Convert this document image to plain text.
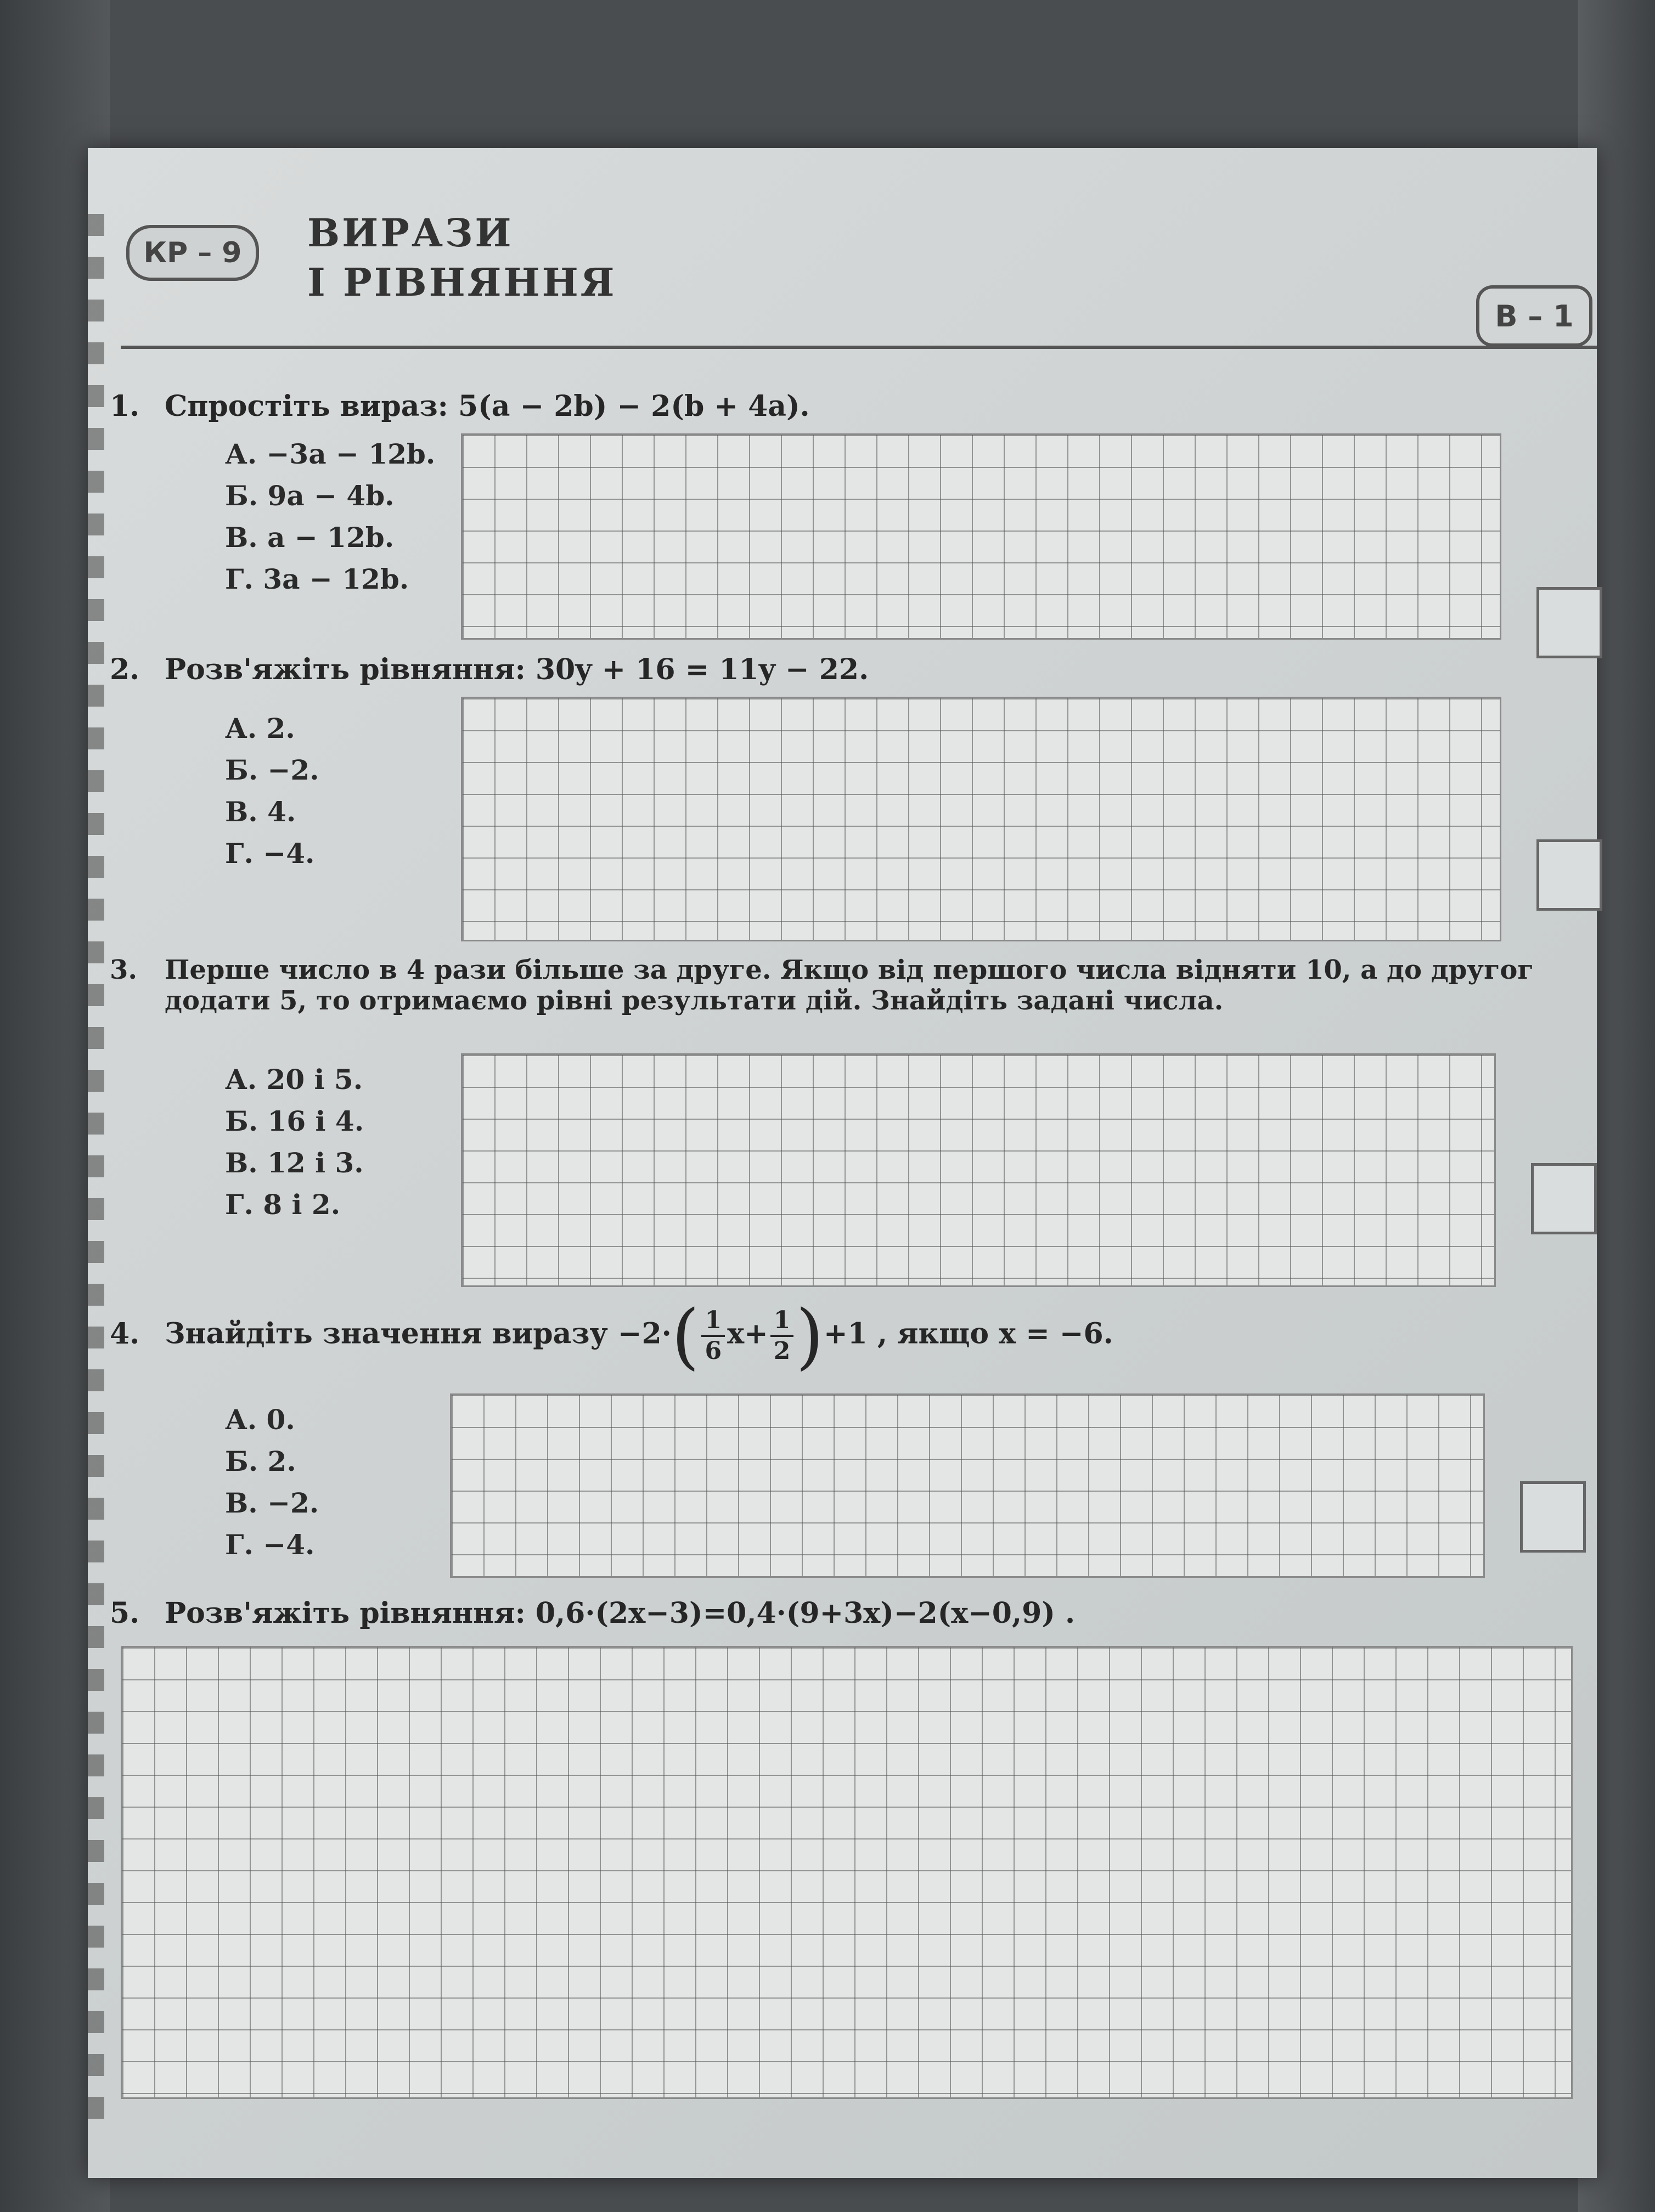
КР – 9	ВИРАЗИ
І РІВНЯННЯ
В – 1
1. Спростіть вираз: 5(a − 2b) − 2(b + 4a).
А. −3a − 12b.
Б. 9a − 4b.
В. a − 12b.
Г. 3a − 12b.
2. Розв'яжіть рівняння: 30y + 16 = 11y − 22.
А. 2.
Б. −2.
В. 4.
Г. −4.
3. Перше число в 4 рази більше за друге. Якщо від першого числа відняти 10, а до другог
додати 5, то отримаємо рівні результати дій. Знайдіть задані числа.
А. 20 і 5.
Б. 16 і 4.
В. 12 і 3.
Г. 8 і 2.
4. Знайдіть значення виразу $-2\cdot( \frac{1}{6} x+ \frac{1}{2} )+1$ , якщо x = −6.
А. 0.
Б. 2.
В. −2.
Г. −4.
5. Розв'яжіть рівняння: 0,6·(2x−3)=0,4·(9+3x)−2(x−0,9) .
